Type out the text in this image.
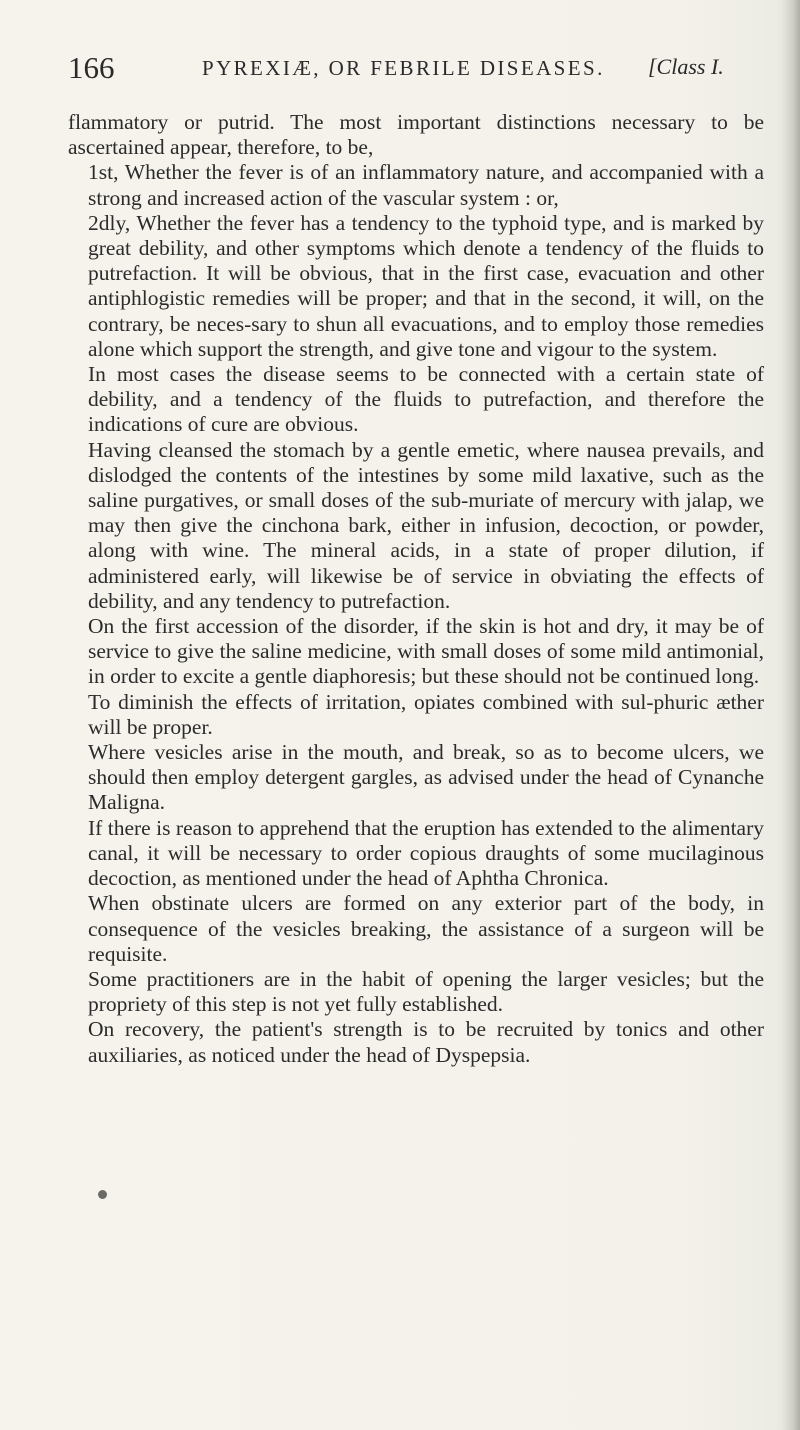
166	PYREXIÆ, OR FEBRILE DISEASES. [Class I.

flammatory or putrid. The most important distinctions necessary to be ascertained appear, therefore, to be,

1st, Whether the fever is of an inflammatory nature, and accompanied with a strong and increased action of the vascular system : or,

2dly, Whether the fever has a tendency to the typhoid type, and is marked by great debility, and other symptoms which denote a tendency of the fluids to putrefaction. It will be obvious, that in the first case, evacuation and other antiphlogistic remedies will be proper; and that in the second, it will, on the contrary, be neces-sary to shun all evacuations, and to employ those remedies alone which support the strength, and give tone and vigour to the system.

In most cases the disease seems to be connected with a certain state of debility, and a tendency of the fluids to putrefaction, and therefore the indications of cure are obvious.

Having cleansed the stomach by a gentle emetic, where nausea prevails, and dislodged the contents of the intestines by some mild laxative, such as the saline purgatives, or small doses of the sub-muriate of mercury with jalap, we may then give the cinchona bark, either in infusion, decoction, or powder, along with wine. The mineral acids, in a state of proper dilution, if administered early, will likewise be of service in obviating the effects of debility, and any tendency to putrefaction.

On the first accession of the disorder, if the skin is hot and dry, it may be of service to give the saline medicine, with small doses of some mild antimonial, in order to excite a gentle diaphoresis; but these should not be continued long.

To diminish the effects of irritation, opiates combined with sul-phuric æther will be proper.

Where vesicles arise in the mouth, and break, so as to become ulcers, we should then employ detergent gargles, as advised under the head of Cynanche Maligna.

If there is reason to apprehend that the eruption has extended to the alimentary canal, it will be necessary to order copious draughts of some mucilaginous decoction, as mentioned under the head of Aphtha Chronica.

When obstinate ulcers are formed on any exterior part of the body, in consequence of the vesicles breaking, the assistance of a surgeon will be requisite.

Some practitioners are in the habit of opening the larger vesicles; but the propriety of this step is not yet fully established.

On recovery, the patient's strength is to be recruited by tonics and other auxiliaries, as noticed under the head of Dyspepsia.
